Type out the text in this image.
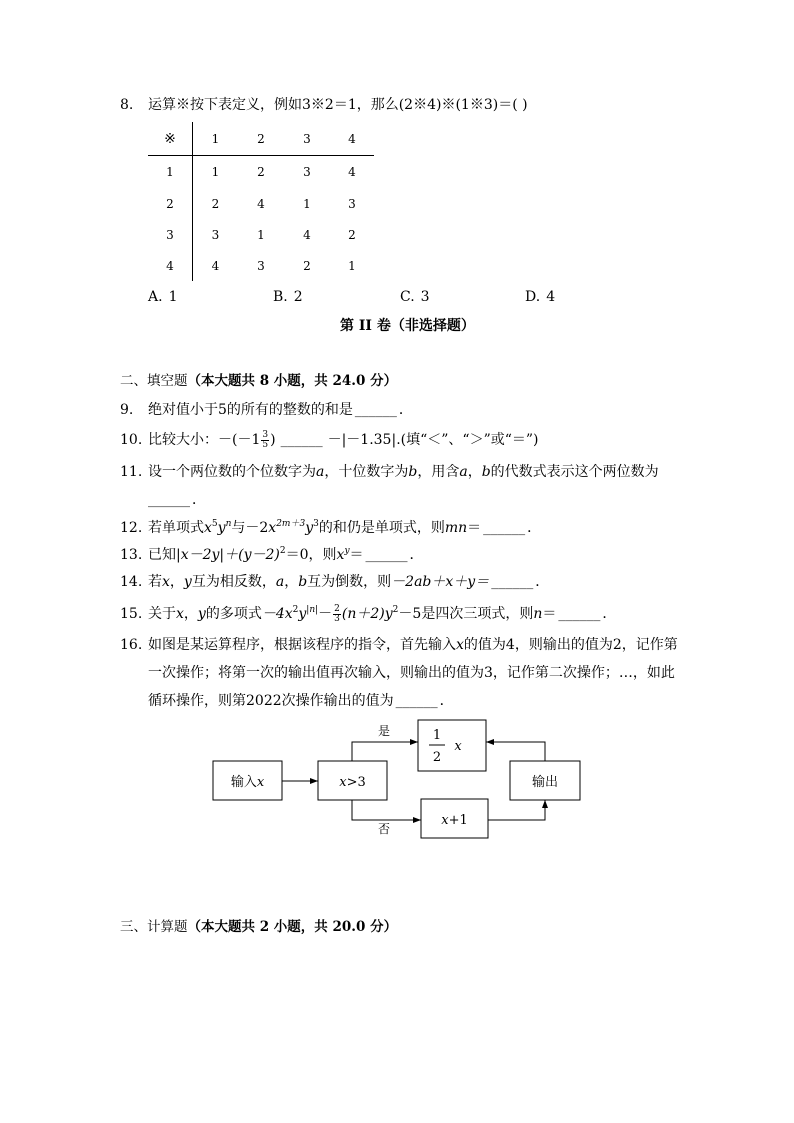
8. 运算※按下表定义，例如3※2＝1，那么(2※4)※(1※3)＝( )
※	1	2	3	4
1	1	2	3	4
2	2	4	1	3
3	3	1	4	2
4	4	3	2	1
A. 1	B. 2	C. 3	D. 4
第 II 卷（非选择题）
二、填空题（本大题共 8 小题，共 24.0 分）
9. 绝对值小于5的所有的整数的和是 ______ ．
10. 比较大小：$-(-1 \frac{3}{5}$ ) ______ －|－1.35|.(填“＜”、“＞”或“＝”)
11. 设一个两位数的个位数字为a，十位数字为b，用含a，b的代数式表示这个两位数为
______ ．
12. 若单项式$x^5y^n$与$-2x^{2m+3}y^3$的和仍是单项式，则mn＝ ______ ．
13. 已知$|x-2y|+(y-2)^2=0$，则$x^y=$ ______ ．
14. 若x，y互为相反数，a，b互为倒数，则－2ab＋x＋y＝ ______ ．
15. 关于x，y的多项式$-4x^2y^{|n|}- \frac{2}{3} (n+2)y^2-5$是四次三项式，则n＝ ______ ．
16. 如图是某运算程序，根据该程序的指令，首先输入x的值为4，则输出的值为2，记作第
一次操作；将第一次的输出值再次输入，则输出的值为3，记作第二次操作；…，如此
循环操作，则第2022次操作输出的值为 ______ ．
输入x	x>3
1
2
x
x+1
输出
是
否
三、计算题（本大题共 2 小题，共 20.0 分）
